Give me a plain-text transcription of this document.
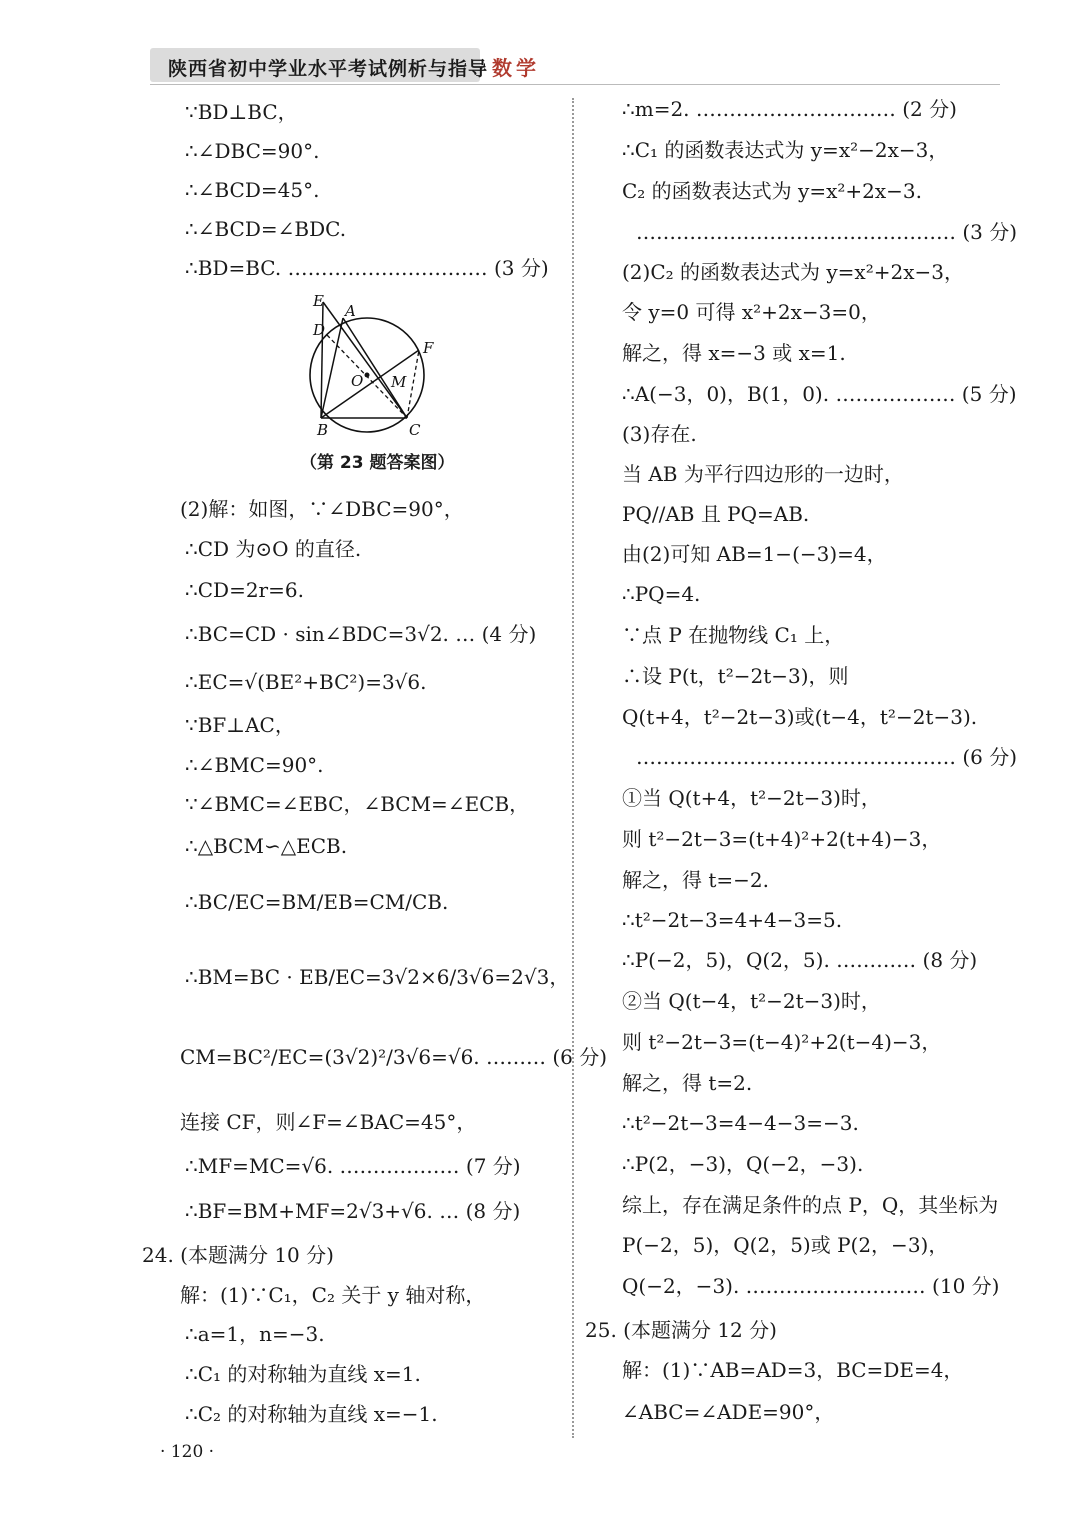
陕西省初中学业水平考试例析与指导 数学
∵BD⊥BC，
∴∠DBC=90°.
∴∠BCD=45°.
∴∠BCD=∠BDC.
∴BD=BC. ………………………… (3 分)
E
D
A
F
O M
B	C
（第 23 题答案图）
(2)解：如图，∵∠DBC=90°，
∴CD 为⊙O 的直径.
∴CD=2r=6.
∴BC=CD · sin∠BDC=3√2. … (4 分)
∴EC=√(BE²+BC²)=3√6.
∵BF⊥AC，
∴∠BMC=90°.
∵∠BMC=∠EBC，∠BCM=∠ECB，
∴△BCM∽△ECB.
∴BC/EC=BM/EB=CM/CB.
∴BM=BC · EB/EC=3√2×6/3√6=2√3，
CM=BC²/EC=(3√2)²/3√6=√6. ……… (6 分)
连接 CF，则∠F=∠BAC=45°，
∴MF=MC=√6. ……………… (7 分)
∴BF=BM+MF=2√3+√6. … (8 分)
24. (本题满分 10 分)
解：(1)∵C₁，C₂ 关于 y 轴对称，
∴a=1，n=−3.
∴C₁ 的对称轴为直线 x=1.
∴C₂ 的对称轴为直线 x=−1.
∴m=2. ………………………… (2 分)
∴C₁ 的函数表达式为 y=x²−2x−3，
C₂ 的函数表达式为 y=x²+2x−3.
………………………………………… (3 分)
(2)C₂ 的函数表达式为 y=x²+2x−3，
令 y=0 可得 x²+2x−3=0，
解之，得 x=−3 或 x=1.
∴A(−3，0)，B(1，0). ……………… (5 分)
(3)存在.
当 AB 为平行四边形的一边时，
PQ//AB 且 PQ=AB.
由(2)可知 AB=1−(−3)=4，
∴PQ=4.
∵点 P 在抛物线 C₁ 上，
∴设 P(t，t²−2t−3)，则
Q(t+4，t²−2t−3)或(t−4，t²−2t−3).
………………………………………… (6 分)
①当 Q(t+4，t²−2t−3)时，
则 t²−2t−3=(t+4)²+2(t+4)−3，
解之，得 t=−2.
∴t²−2t−3=4+4−3=5.
∴P(−2，5)，Q(2，5). ………… (8 分)
②当 Q(t−4，t²−2t−3)时，
则 t²−2t−3=(t−4)²+2(t−4)−3，
解之，得 t=2.
∴t²−2t−3=4−4−3=−3.
∴P(2，−3)，Q(−2，−3).
综上，存在满足条件的点 P，Q，其坐标为
P(−2，5)，Q(2，5)或 P(2，−3)，
Q(−2，−3). ……………………… (10 分)
25. (本题满分 12 分)
解：(1)∵AB=AD=3，BC=DE=4，
∠ABC=∠ADE=90°，
· 120 ·
